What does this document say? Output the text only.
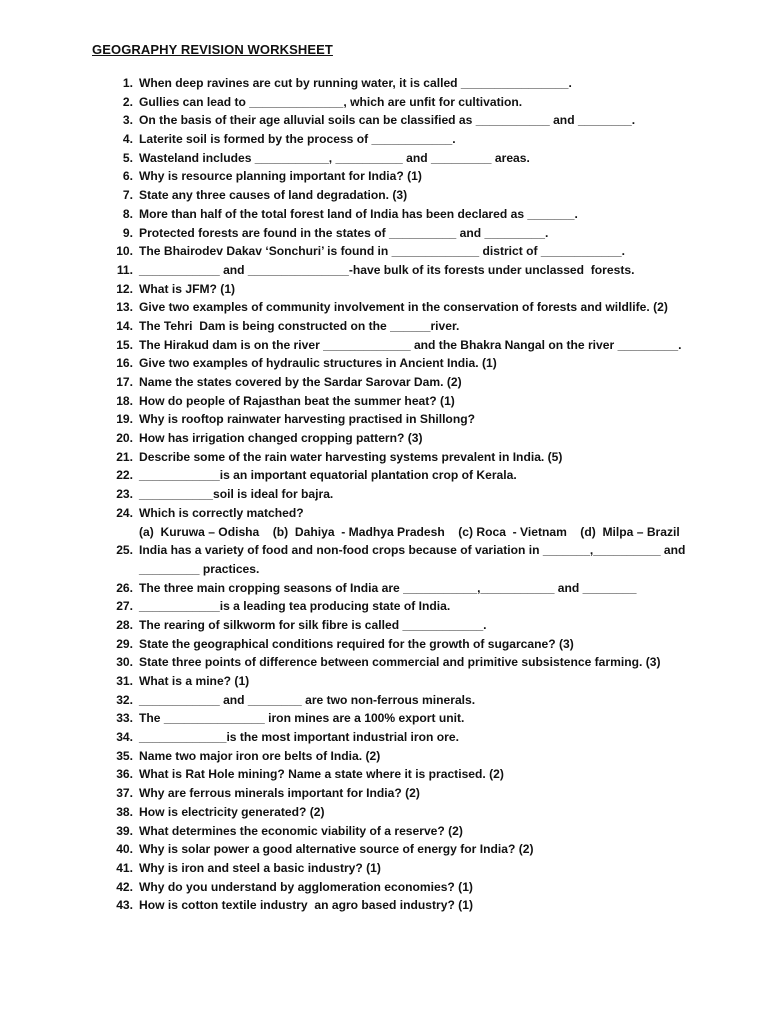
GEOGRAPHY REVISION WORKSHEET
1. When deep ravines are cut by running water, it is called ________________.
2. Gullies can lead to ______________, which are unfit for cultivation.
3. On the basis of their age alluvial soils can be classified as ___________ and ________.
4. Laterite soil is formed by the process of ____________.
5. Wasteland includes ___________, __________ and _________ areas.
6. Why is resource planning important for India? (1)
7. State any three causes of land degradation. (3)
8. More than half of the total forest land of India has been declared as _______.
9. Protected forests are found in the states of __________ and _________.
10. The Bhairodev Dakav ‘Sonchuri’ is found in _____________ district of ____________.
11. ____________ and _______________-have bulk of its forests under unclassed  forests.
12. What is JFM? (1)
13. Give two examples of community involvement in the conservation of forests and wildlife. (2)
14. The Tehri  Dam is being constructed on the ______river.
15. The Hirakud dam is on the river _____________ and the Bhakra Nangal on the river _________.
16. Give two examples of hydraulic structures in Ancient India. (1)
17. Name the states covered by the Sardar Sarovar Dam. (2)
18. How do people of Rajasthan beat the summer heat? (1)
19. Why is rooftop rainwater harvesting practised in Shillong?
20. How has irrigation changed cropping pattern? (3)
21. Describe some of the rain water harvesting systems prevalent in India. (5)
22. ____________is an important equatorial plantation crop of Kerala.
23. ___________soil is ideal for bajra.
24. Which is correctly matched?
(a)  Kuruwa – Odisha    (b)  Dahiya  - Madhya Pradesh    (c) Roca  - Vietnam    (d)  Milpa – Brazil
25. India has a variety of food and non-food crops because of variation in _______,__________ and
_________ practices.
26. The three main cropping seasons of India are ___________,___________ and ________
27. ____________is a leading tea producing state of India.
28. The rearing of silkworm for silk fibre is called ____________.
29. State the geographical conditions required for the growth of sugarcane? (3)
30. State three points of difference between commercial and primitive subsistence farming. (3)
31. What is a mine? (1)
32. ____________ and ________ are two non-ferrous minerals.
33. The _______________ iron mines are a 100% export unit.
34. _____________is the most important industrial iron ore.
35. Name two major iron ore belts of India. (2)
36. What is Rat Hole mining? Name a state where it is practised. (2)
37. Why are ferrous minerals important for India? (2)
38. How is electricity generated? (2)
39. What determines the economic viability of a reserve? (2)
40. Why is solar power a good alternative source of energy for India? (2)
41. Why is iron and steel a basic industry? (1)
42. Why do you understand by agglomeration economies? (1)
43. How is cotton textile industry  an agro based industry? (1)
